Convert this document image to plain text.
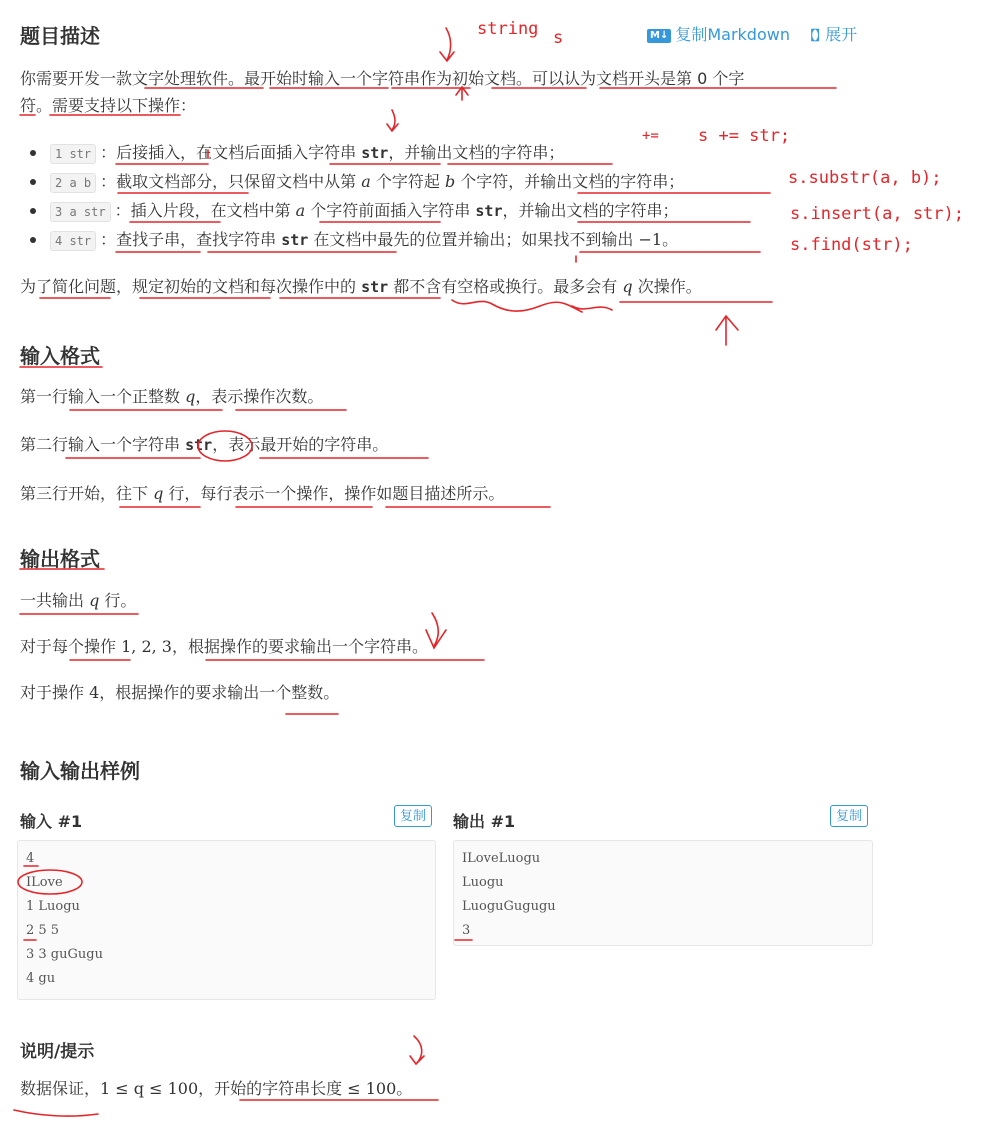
M↓ 复制Markdown 【】展开
题目描述

你需要开发一款文字处理软件。最开始时输入一个字符串作为初始文档。可以认为文档开头是第 0 个字

符。需要支持以下操作：

1 str ：后接插入，在文档后面插入字符串 str，并输出文档的字符串；
2 a b ：截取文档部分，只保留文档中从第 a 个字符起 b 个字符，并输出文档的字符串；
3 a str ：插入片段，在文档中第 a 个字符前面插入字符串 str，并输出文档的字符串；
4 str ：查找子串，查找字符串 str 在文档中最先的位置并输出；如果找不到输出 −1。

为了简化问题，规定初始的文档和每次操作中的 str 都不含有空格或换行。最多会有 q 次操作。

输入格式

第一行输入一个正整数 q，表示操作次数。

第二行输入一个字符串 str，表示最开始的字符串。

第三行开始，往下 q 行，每行表示一个操作，操作如题目描述所示。

输出格式

一共输出 q 行。

对于每个操作 1, 2, 3，根据操作的要求输出一个字符串。

对于操作 4，根据操作的要求输出一个整数。

输入输出样例
输入 #1	复制	输出 #1	复制
4
ILove
1 Luogu
2 5 5
3 3 guGugu
4 gu
ILoveLuogu
Luogu
LuoguGugugu
3
说明/提示

数据保证，1 ≤ q ≤ 100，开始的字符串长度 ≤ 100。

string s
+= s += str;
s.substr(a, b);
s.insert(a, str);
s.find(str);
